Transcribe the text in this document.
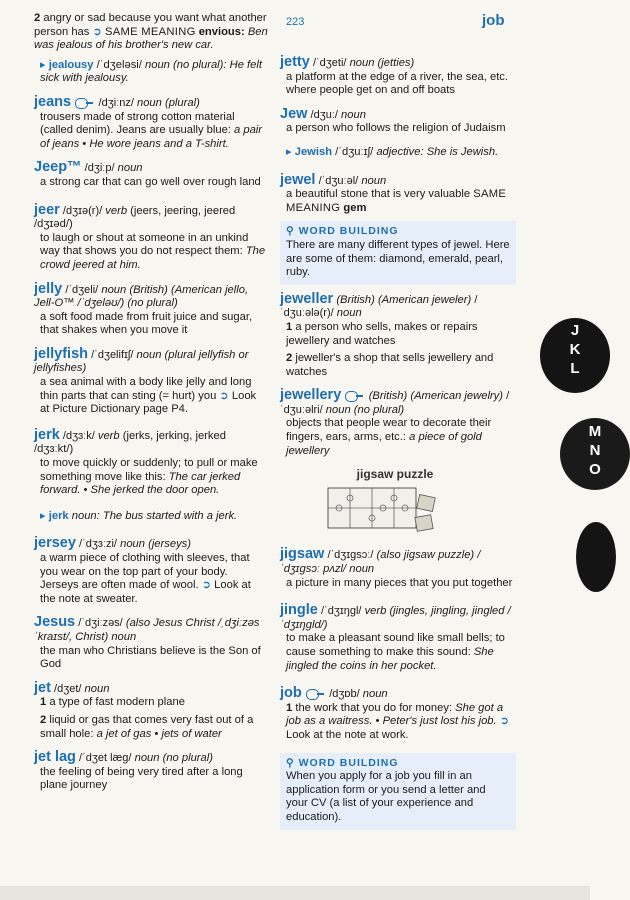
223	job
2 angry or sad because you want what another person has ➲ SAME MEANING envious: Ben was jealous of his brother's new car.
▸ jealousy /ˈdʒeləsi/ noun (no plural): He felt sick with jealousy.
jeans /dʒiːnz/ noun (plural)
trousers made of strong cotton material (called denim). Jeans are usually blue: a pair of jeans • He wore jeans and a T-shirt.
Jeep™ /dʒiːp/ noun
a strong car that can go well over rough land
jeer /dʒɪə(r)/ verb (jeers, jeering, jeered /dʒɪəd/)
to laugh or shout at someone in an unkind way that shows you do not respect them: The crowd jeered at him.
jelly /ˈdʒeli/ noun (British) (American jello, Jell-O™ /ˈdʒeləʊ/) (no plural)
a soft food made from fruit juice and sugar, that shakes when you move it
jellyfish /ˈdʒelifɪʃ/ noun (plural jellyfish or jellyfishes)
a sea animal with a body like jelly and long thin parts that can sting (= hurt) you ➲ Look at Picture Dictionary page P4.
jerk /dʒɜːk/ verb (jerks, jerking, jerked /dʒɜːkt/)
to move quickly or suddenly; to pull or make something move like this: The car jerked forward. • She jerked the door open.
▸ jerk noun: The bus started with a jerk.
jersey /ˈdʒɜːzi/ noun (jerseys)
a warm piece of clothing with sleeves, that you wear on the top part of your body. Jerseys are often made of wool. ➲ Look at the note at sweater.
Jesus /ˈdʒiːzəs/ (also Jesus Christ /ˌdʒiːzəs ˈkraɪst/, Christ) noun
the man who Christians believe is the Son of God
jet /dʒet/ noun
1 a type of fast modern plane
2 liquid or gas that comes very fast out of a small hole: a jet of gas • jets of water
jet lag /ˈdʒet læɡ/ noun (no plural)
the feeling of being very tired after a long plane journey
jetty /ˈdʒeti/ noun (jetties)
a platform at the edge of a river, the sea, etc. where people get on and off boats
Jew /dʒuː/ noun
a person who follows the religion of Judaism
▸ Jewish /ˈdʒuːɪʃ/ adjective: She is Jewish.
jewel /ˈdʒuːəl/ noun
a beautiful stone that is very valuable SAME MEANING gem
⚲ WORD BUILDING
There are many different types of jewel. Here are some of them: diamond, emerald, pearl, ruby.
jeweller (British) (American jeweler) /ˈdʒuːələ(r)/ noun
1 a person who sells, makes or repairs jewellery and watches
2 jeweller's a shop that sells jewellery and watches
jewellery (British) (American jewelry) /ˈdʒuːəlri/ noun (no plural)
objects that people wear to decorate their fingers, ears, arms, etc.: a piece of gold jewellery
jigsaw puzzle
jigsaw /ˈdʒɪɡsɔː/ (also jigsaw puzzle) /ˈdʒɪɡsɔː pʌzl/ noun
a picture in many pieces that you put together
jingle /ˈdʒɪŋɡl/ verb (jingles, jingling, jingled /ˈdʒɪŋɡld/)
to make a pleasant sound like small bells; to cause something to make this sound: She jingled the coins in her pocket.
job /dʒɒb/ noun
1 the work that you do for money: She got a job as a waitress. • Peter's just lost his job. ➲ Look at the note at work.
⚲ WORD BUILDING
When you apply for a job you fill in an application form or you send a letter and your CV (a list of your experience and education).
J
K
L
M
N
O
